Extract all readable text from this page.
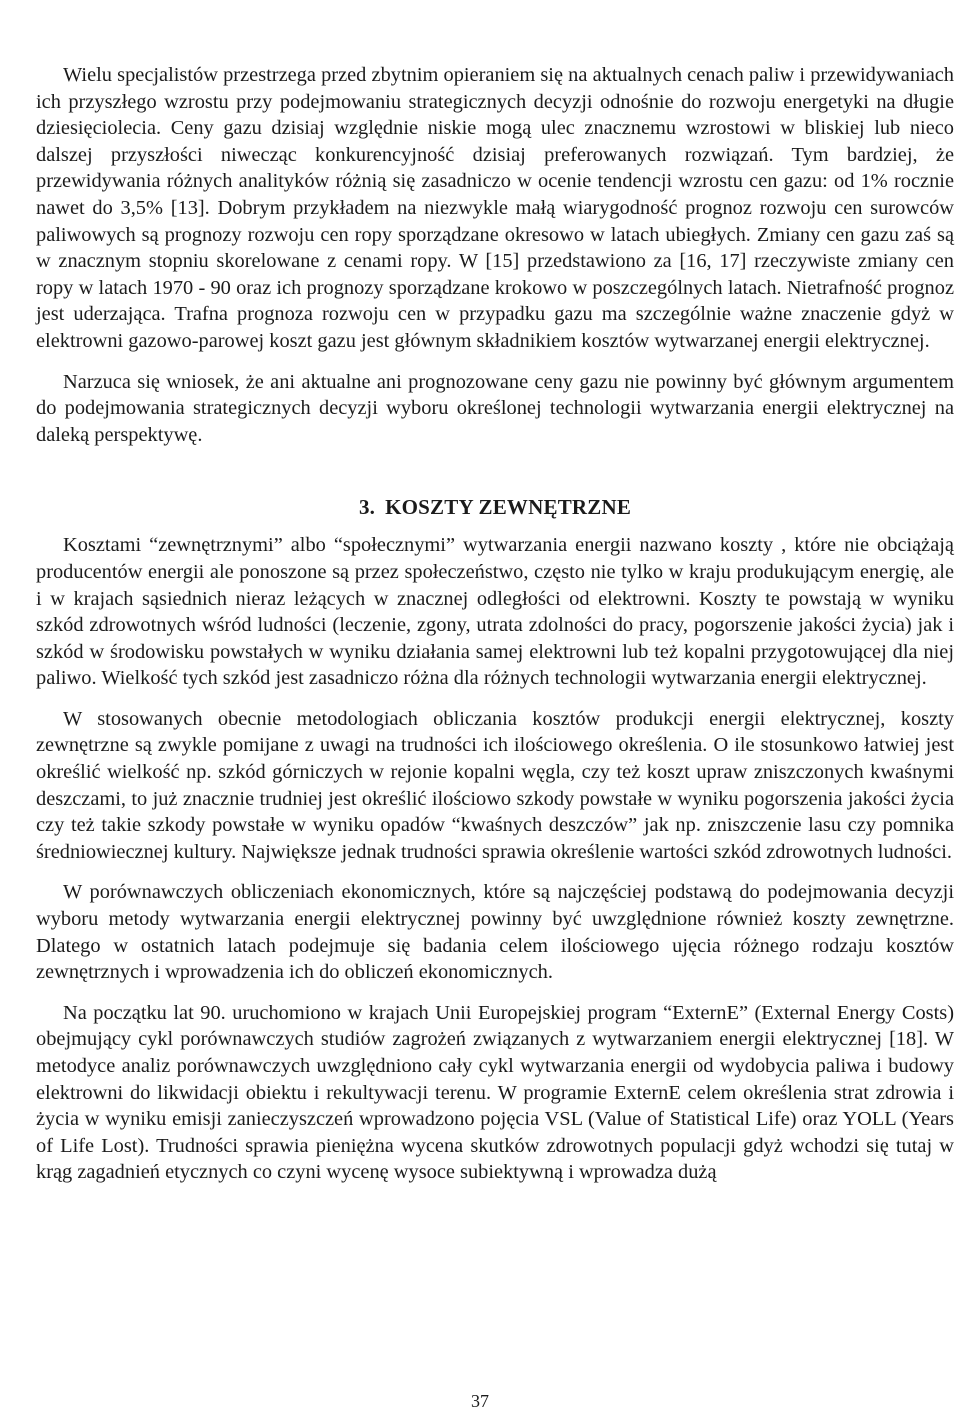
Wielu specjalistów przestrzega przed zbytnim opieraniem się na aktualnych cenach paliw i przewidywaniach ich przyszłego wzrostu przy podejmowaniu strategicznych decyzji odnośnie do rozwoju energetyki na długie dziesięciolecia. Ceny gazu dzisiaj względnie niskie mogą ulec znacznemu wzrostowi w bliskiej lub nieco dalszej przyszłości niwecząc konkurencyjność dzisiaj preferowanych rozwiązań. Tym bardziej, że przewidywania różnych analityków różnią się zasadniczo w ocenie tendencji wzrostu cen gazu: od 1% rocznie nawet do 3,5% [13]. Dobrym przykładem na niezwykle małą wiarygodność prognoz rozwoju cen surowców paliwowych są prognozy rozwoju cen ropy sporządzane okresowo w latach ubiegłych. Zmiany cen gazu zaś są w znacznym stopniu skorelowane z cenami ropy. W [15] przedstawiono za [16, 17] rzeczywiste zmiany cen ropy w latach 1970 - 90 oraz ich prognozy sporządzane krokowo w poszczególnych latach. Nietrafność prognoz jest uderzająca. Trafna prognoza rozwoju cen w przypadku gazu ma szczególnie ważne znaczenie gdyż w elektrowni gazowo-parowej koszt gazu jest głównym składnikiem kosztów wytwarzanej energii elektrycznej.

Narzuca się wniosek, że ani aktualne ani prognozowane ceny gazu nie powinny być głównym argumentem do podejmowania strategicznych decyzji wyboru określonej technologii wytwarzania energii elektrycznej na daleką perspektywę.

3. KOSZTY ZEWNĘTRZNE

Kosztami “zewnętrznymi” albo “społecznymi” wytwarzania energii nazwano koszty , które nie obciążają producentów energii ale ponoszone są przez społeczeństwo, często nie tylko w kraju produkującym energię, ale i w krajach sąsiednich nieraz leżących w znacznej odległości od elektrowni. Koszty te powstają w wyniku szkód zdrowotnych wśród ludności (leczenie, zgony, utrata zdolności do pracy, pogorszenie jakości życia) jak i szkód w środowisku powstałych w wyniku działania samej elektrowni lub też kopalni przygotowującej dla niej paliwo. Wielkość tych szkód jest zasadniczo różna dla różnych technologii wytwarzania energii elektrycznej.

W stosowanych obecnie metodologiach obliczania kosztów produkcji energii elektrycznej, koszty zewnętrzne są zwykle pomijane z uwagi na trudności ich ilościowego określenia. O ile stosunkowo łatwiej jest określić wielkość np. szkód górniczych w rejonie kopalni węgla, czy też koszt upraw zniszczonych kwaśnymi deszczami, to już znacznie trudniej jest określić ilościowo szkody powstałe w wyniku pogorszenia jakości życia czy też takie szkody powstałe w wyniku opadów “kwaśnych deszczów” jak np. zniszczenie lasu czy pomnika średniowiecznej kultury. Największe jednak trudności sprawia określenie wartości szkód zdrowotnych ludności.

W porównawczych obliczeniach ekonomicznych, które są najczęściej podstawą do podejmowania decyzji wyboru metody wytwarzania energii elektrycznej powinny być uwzględnione również koszty zewnętrzne. Dlatego w ostatnich latach podejmuje się badania celem ilościowego ujęcia różnego rodzaju kosztów zewnętrznych i wprowadzenia ich do obliczeń ekonomicznych.

Na początku lat 90. uruchomiono w krajach Unii Europejskiej program “ExternE” (External Energy Costs) obejmujący cykl porównawczych studiów zagrożeń związanych z wytwarzaniem energii elektrycznej [18]. W metodyce analiz porównawczych uwzględniono cały cykl wytwarzania energii od wydobycia paliwa i budowy elektrowni do likwidacji obiektu i rekultywacji terenu. W programie ExternE celem określenia strat zdrowia i życia w wyniku emisji zanieczyszczeń wprowadzono pojęcia VSL (Value of Statistical Life) oraz YOLL (Years of Life Lost). Trudności sprawia pieniężna wycena skutków zdrowotnych populacji gdyż wchodzi się tutaj w krąg zagadnień etycznych co czyni wycenę wysoce subiektywną i wprowadza dużą

37
